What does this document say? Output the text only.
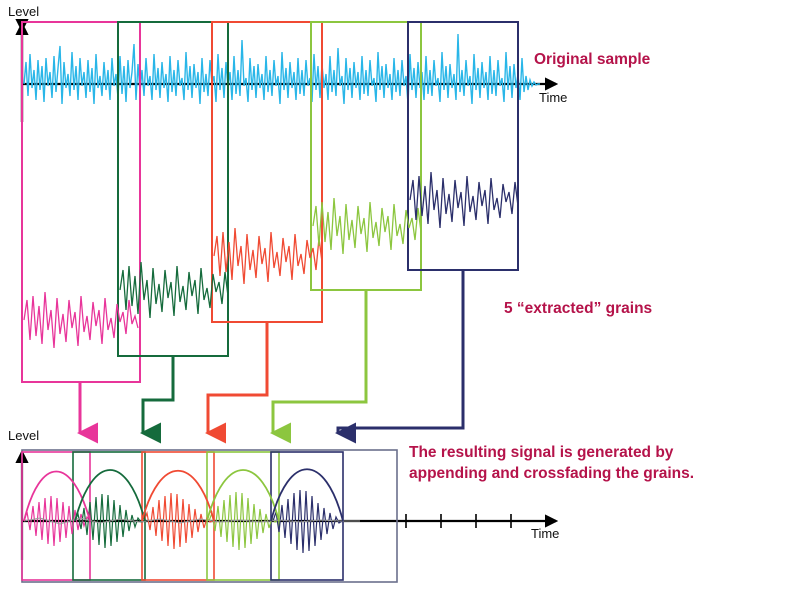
Level
Time
Original sample
5 “extracted” grains
Level
Time
The resulting signal is generated by
appending and crossfading the grains.
